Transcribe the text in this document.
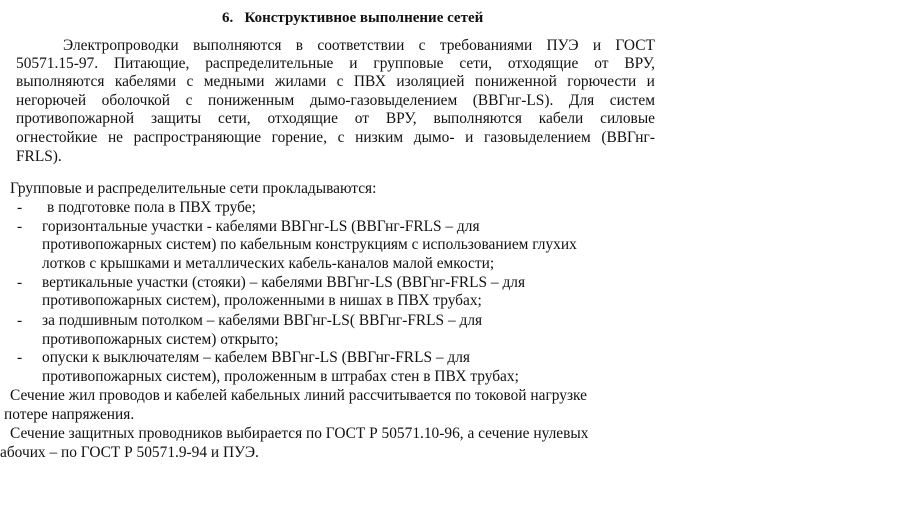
6. Конструктивное выполнение сетей
Электропроводки выполняются в соответствии с требованиями ПУЭ и ГОСТ
50571.15-97. Питающие, распределительные и групповые сети, отходящие от ВРУ,
выполняются кабелями с медными жилами с ПВХ изоляцией пониженной горючести и
негорючей оболочкой с пониженным дымо-газовыделением (ВВГнг-LS). Для систем
противопожарной защиты сети, отходящие от ВРУ, выполняются кабели силовые
огнестойкие не распространяющие горение, с низким дымо- и газовыделением (ВВГнг-
FRLS).
Групповые и распределительные сети прокладываются:
- в подготовке пола в ПВХ трубе;
- горизонтальные участки - кабелями ВВГнг-LS (ВВГнг-FRLS – для
противопожарных систем) по кабельным конструкциям с использованием глухих
лотков с крышками и металлических кабель-каналов малой емкости;
- вертикальные участки (стояки) – кабелями ВВГнг-LS (ВВГнг-FRLS – для
противопожарных систем), проложенными в нишах в ПВХ трубах;
- за подшивным потолком – кабелями ВВГнг-LS( ВВГнг-FRLS – для
противопожарных систем) открыто;
- опуски к выключателям – кабелем ВВГнг-LS (ВВГнг-FRLS – для
противопожарных систем), проложенным в штрабах стен в ПВХ трубах;
Сечение жил проводов и кабелей кабельных линий рассчитывается по токовой нагрузке
потере напряжения.
Сечение защитных проводников выбирается по ГОСТ Р 50571.10-96, а сечение нулевых
абочих – по ГОСТ Р 50571.9-94 и ПУЭ.
